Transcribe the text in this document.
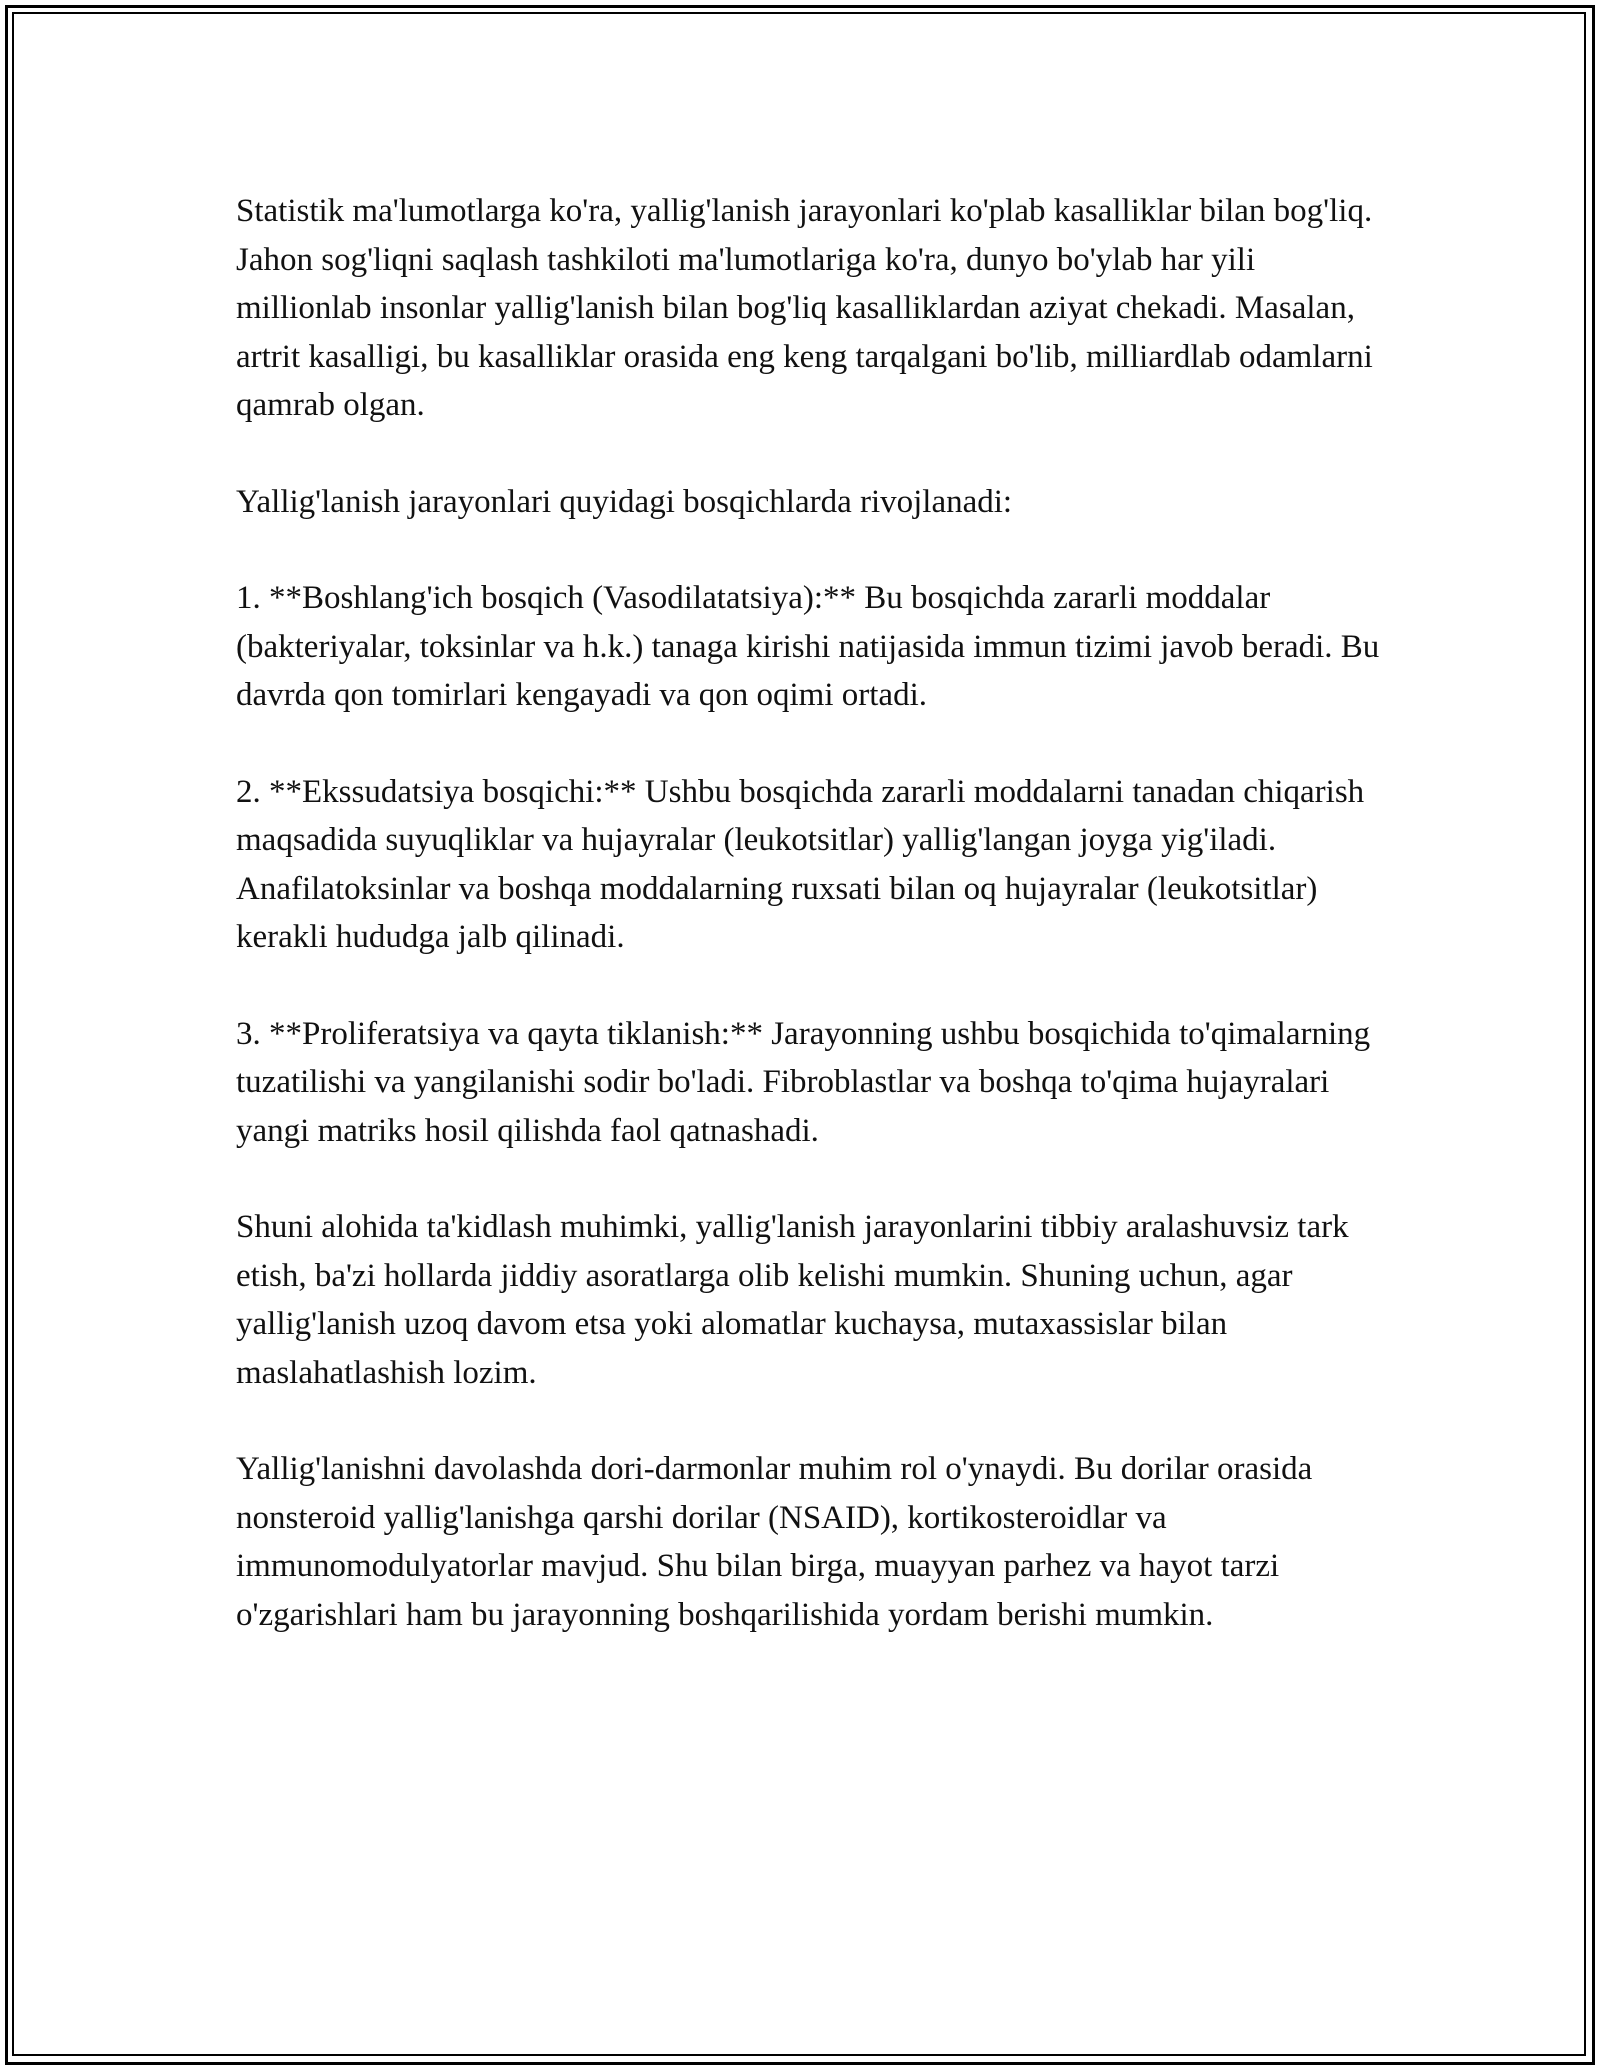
Statistik ma'lumotlarga ko'ra, yallig'lanish jarayonlari ko'plab kasalliklar bilan bog'liq. Jahon sog'liqni saqlash tashkiloti ma'lumotlariga ko'ra, dunyo bo'ylab har yili millionlab insonlar yallig'lanish bilan bog'liq kasalliklardan aziyat chekadi. Masalan, artrit kasalligi, bu kasalliklar orasida eng keng tarqalgani bo'lib, milliardlab odamlarni qamrab olgan.

Yallig'lanish jarayonlari quyidagi bosqichlarda rivojlanadi:

1. **Boshlang'ich bosqich (Vasodilatatsiya):** Bu bosqichda zararli moddalar (bakteriyalar, toksinlar va h.k.) tanaga kirishi natijasida immun tizimi javob beradi. Bu davrda qon tomirlari kengayadi va qon oqimi ortadi.

2. **Ekssudatsiya bosqichi:** Ushbu bosqichda zararli moddalarni tanadan chiqarish maqsadida suyuqliklar va hujayralar (leukotsitlar) yallig'langan joyga yig'iladi. Anafilatoksinlar va boshqa moddalarning ruxsati bilan oq hujayralar (leukotsitlar) kerakli hududga jalb qilinadi.

3. **Proliferatsiya va qayta tiklanish:** Jarayonning ushbu bosqichida to'qimalarning tuzatilishi va yangilanishi sodir bo'ladi. Fibroblastlar va boshqa to'qima hujayralari yangi matriks hosil qilishda faol qatnashadi.

Shuni alohida ta'kidlash muhimki, yallig'lanish jarayonlarini tibbiy aralashuvsiz tark etish, ba'zi hollarda jiddiy asoratlarga olib kelishi mumkin. Shuning uchun, agar yallig'lanish uzoq davom etsa yoki alomatlar kuchaysa, mutaxassislar bilan maslahatlashish lozim.

Yallig'lanishni davolashda dori-darmonlar muhim rol o'ynaydi. Bu dorilar orasida nonsteroid yallig'lanishga qarshi dorilar (NSAID), kortikosteroidlar va immunomodulyatorlar mavjud. Shu bilan birga, muayyan parhez va hayot tarzi o'zgarishlari ham bu jarayonning boshqarilishida yordam berishi mumkin.
